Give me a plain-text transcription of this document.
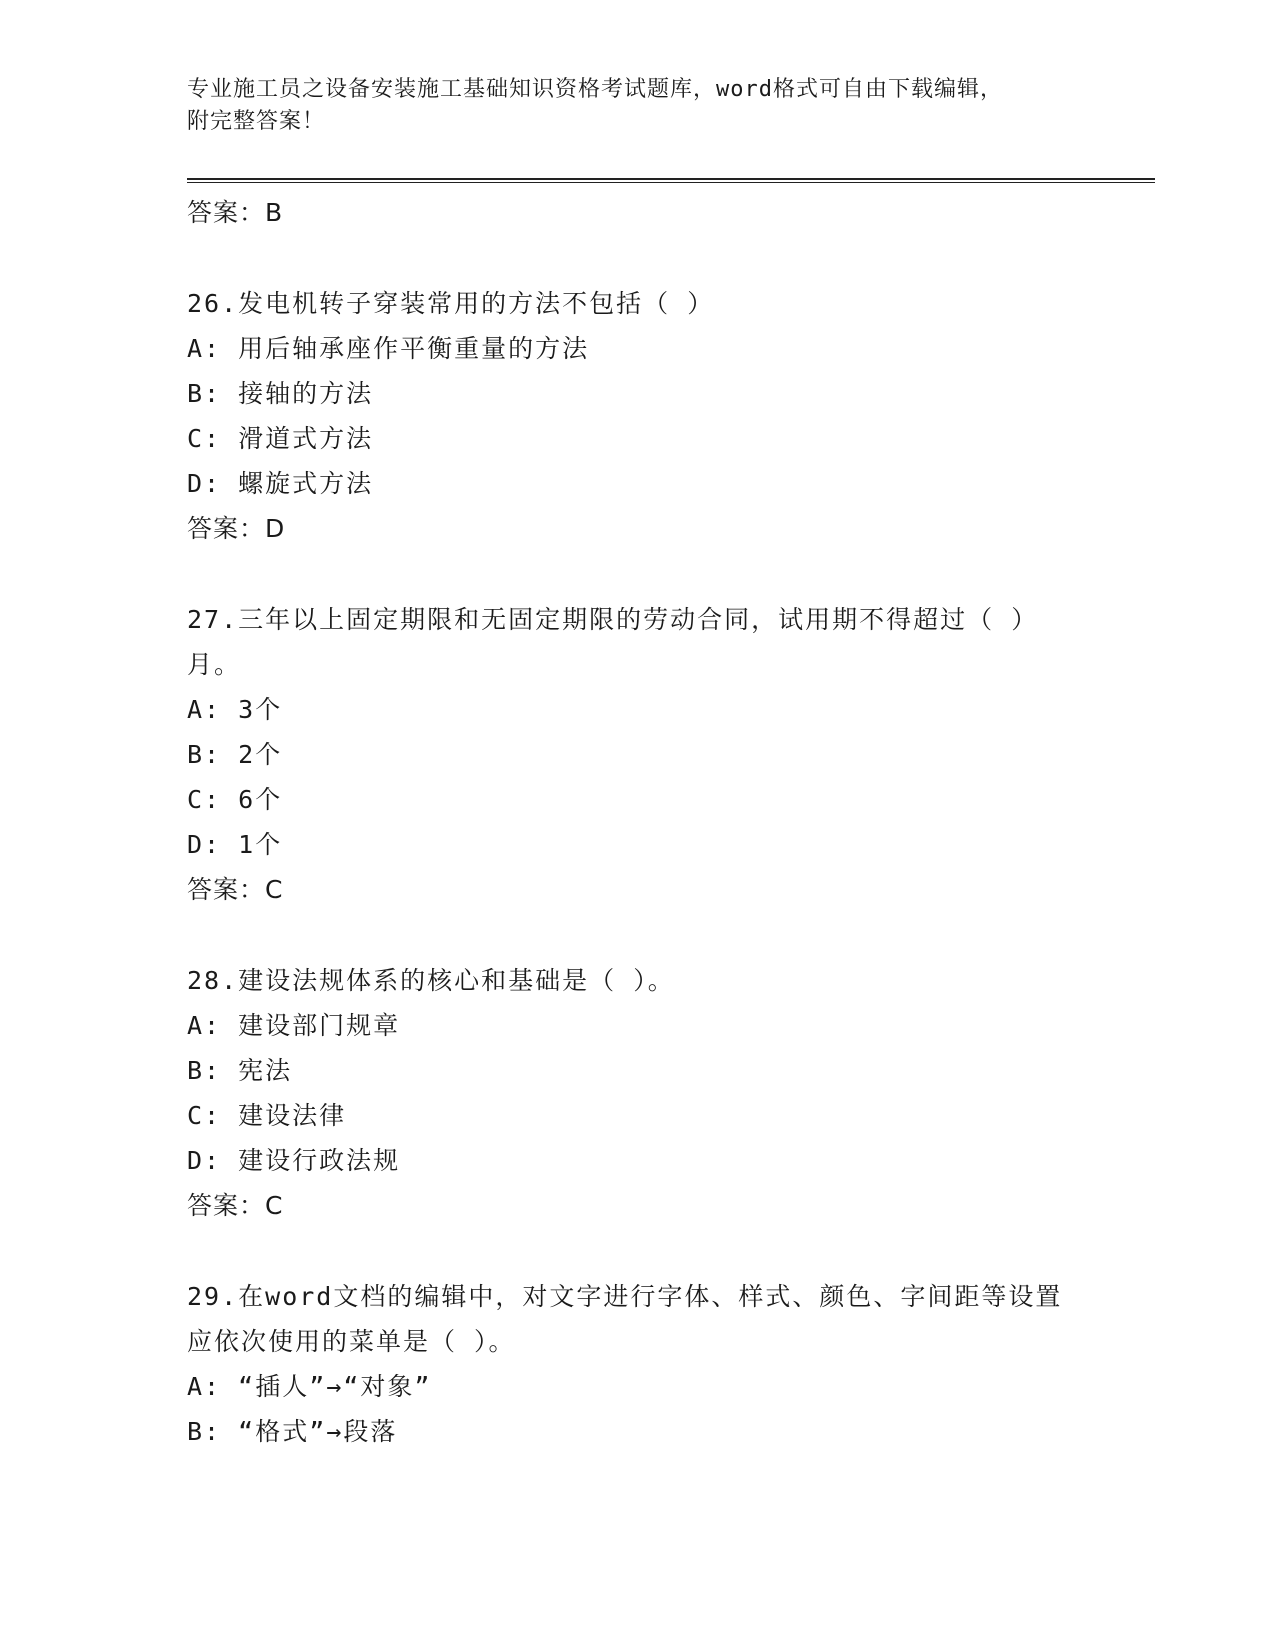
专业施工员之设备安装施工基础知识资格考试题库，word格式可自由下载编辑，
附完整答案！
答案：B
26.发电机转子穿装常用的方法不包括（ ）
A: 用后轴承座作平衡重量的方法
B: 接轴的方法
C: 滑道式方法
D: 螺旋式方法
答案：D
27.三年以上固定期限和无固定期限的劳动合同，试用期不得超过（ ）月。
A: 3个
B: 2个
C: 6个
D: 1个
答案：C
28.建设法规体系的核心和基础是（ ）。
A: 建设部门规章
B: 宪法
C: 建设法律
D: 建设行政法规
答案：C
29.在word文档的编辑中，对文字进行字体、样式、颜色、字间距等设置应依次使用的菜单是（ ）。
A: “插人”→“对象”
B: “格式”→段落
